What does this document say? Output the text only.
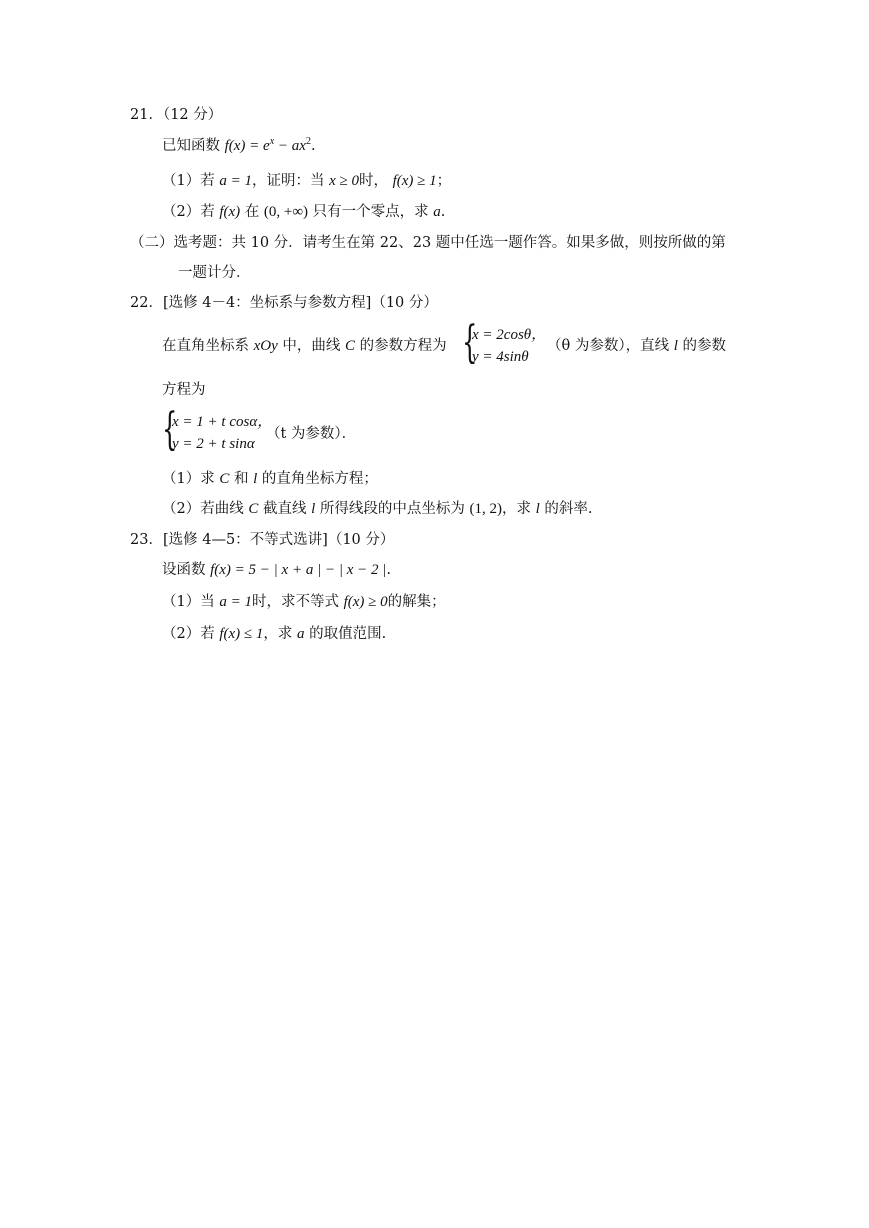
21．（12 分）
已知函数 $f(x) = e^x - ax^2$.
（1）若 a = 1，证明：当 x ≥ 0时， f(x) ≥ 1；
（2）若 f(x) 在 (0, +∞) 只有一个零点，求 a.
（二）选考题：共 10 分．请考生在第 22、23 题中任选一题作答。如果多做，则按所做的第
一题计分．
22．[选修 4－4：坐标系与参数方程]（10 分）
在直角坐标系 xOy 中，曲线 C 的参数方程为 {
x = 2cosθ，
y = 4sinθ
（θ 为参数），直线 l 的参数
方程为
{
x = 1 + t cosα，
y = 2 + t sinα
（t 为参数）．
（1）求 C 和 l 的直角坐标方程；
（2）若曲线 C 截直线 l 所得线段的中点坐标为 (1, 2)，求 l 的斜率.
23．[选修 4—5：不等式选讲]（10 分）
设函数 f(x) = 5 − | x + a | − | x − 2 |.
（1）当 a = 1时，求不等式 f(x) ≥ 0的解集；
（2）若 f(x) ≤ 1，求 a 的取值范围.
